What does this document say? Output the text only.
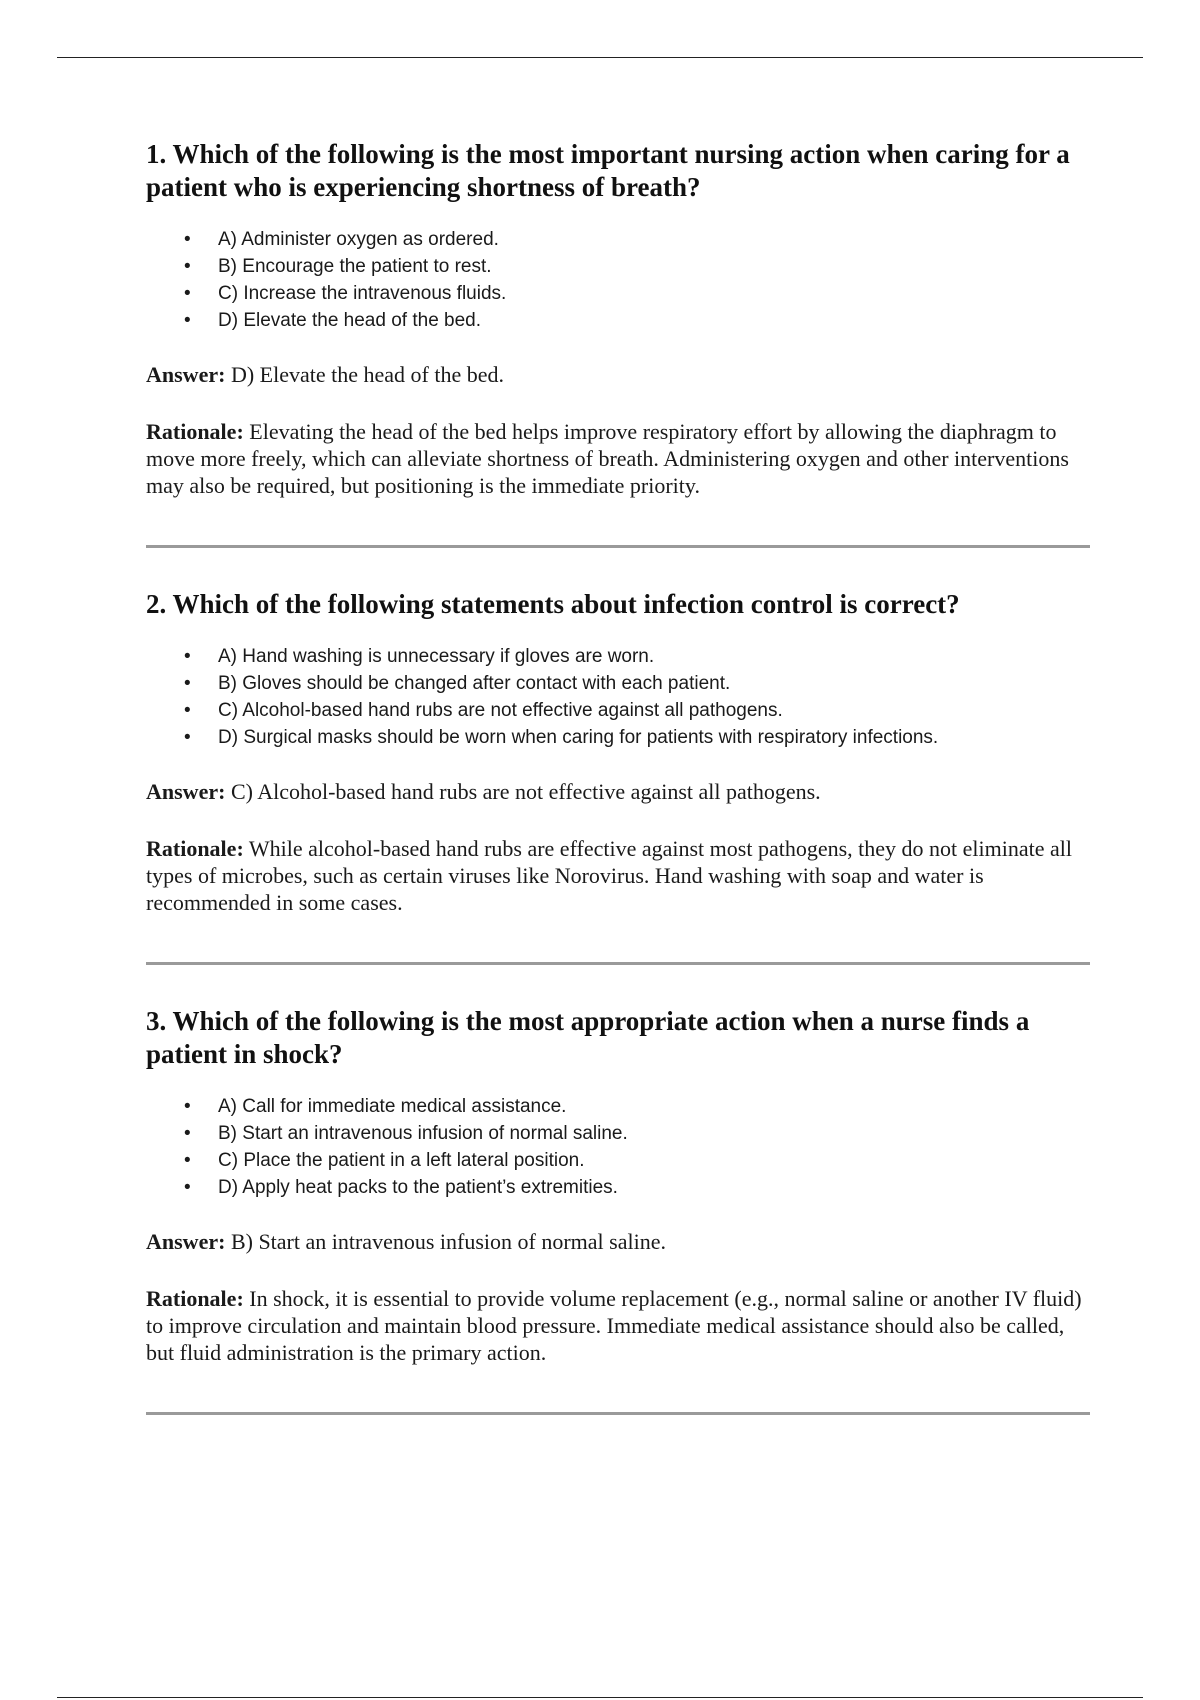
1. Which of the following is the most important nursing action when caring for a patient who is experiencing shortness of breath?
• A) Administer oxygen as ordered.
• B) Encourage the patient to rest.
• C) Increase the intravenous fluids.
• D) Elevate the head of the bed.

Answer: D) Elevate the head of the bed.

Rationale: Elevating the head of the bed helps improve respiratory effort by allowing the diaphragm to move more freely, which can alleviate shortness of breath. Administering oxygen and other interventions may also be required, but positioning is the immediate priority.

2. Which of the following statements about infection control is correct?
• A) Hand washing is unnecessary if gloves are worn.
• B) Gloves should be changed after contact with each patient.
• C) Alcohol-based hand rubs are not effective against all pathogens.
• D) Surgical masks should be worn when caring for patients with respiratory infections.

Answer: C) Alcohol-based hand rubs are not effective against all pathogens.

Rationale: While alcohol-based hand rubs are effective against most pathogens, they do not eliminate all types of microbes, such as certain viruses like Norovirus. Hand washing with soap and water is recommended in some cases.

3. Which of the following is the most appropriate action when a nurse finds a patient in shock?
• A) Call for immediate medical assistance.
• B) Start an intravenous infusion of normal saline.
• C) Place the patient in a left lateral position.
• D) Apply heat packs to the patient’s extremities.

Answer: B) Start an intravenous infusion of normal saline.

Rationale: In shock, it is essential to provide volume replacement (e.g., normal saline or another IV fluid) to improve circulation and maintain blood pressure. Immediate medical assistance should also be called, but fluid administration is the primary action.
